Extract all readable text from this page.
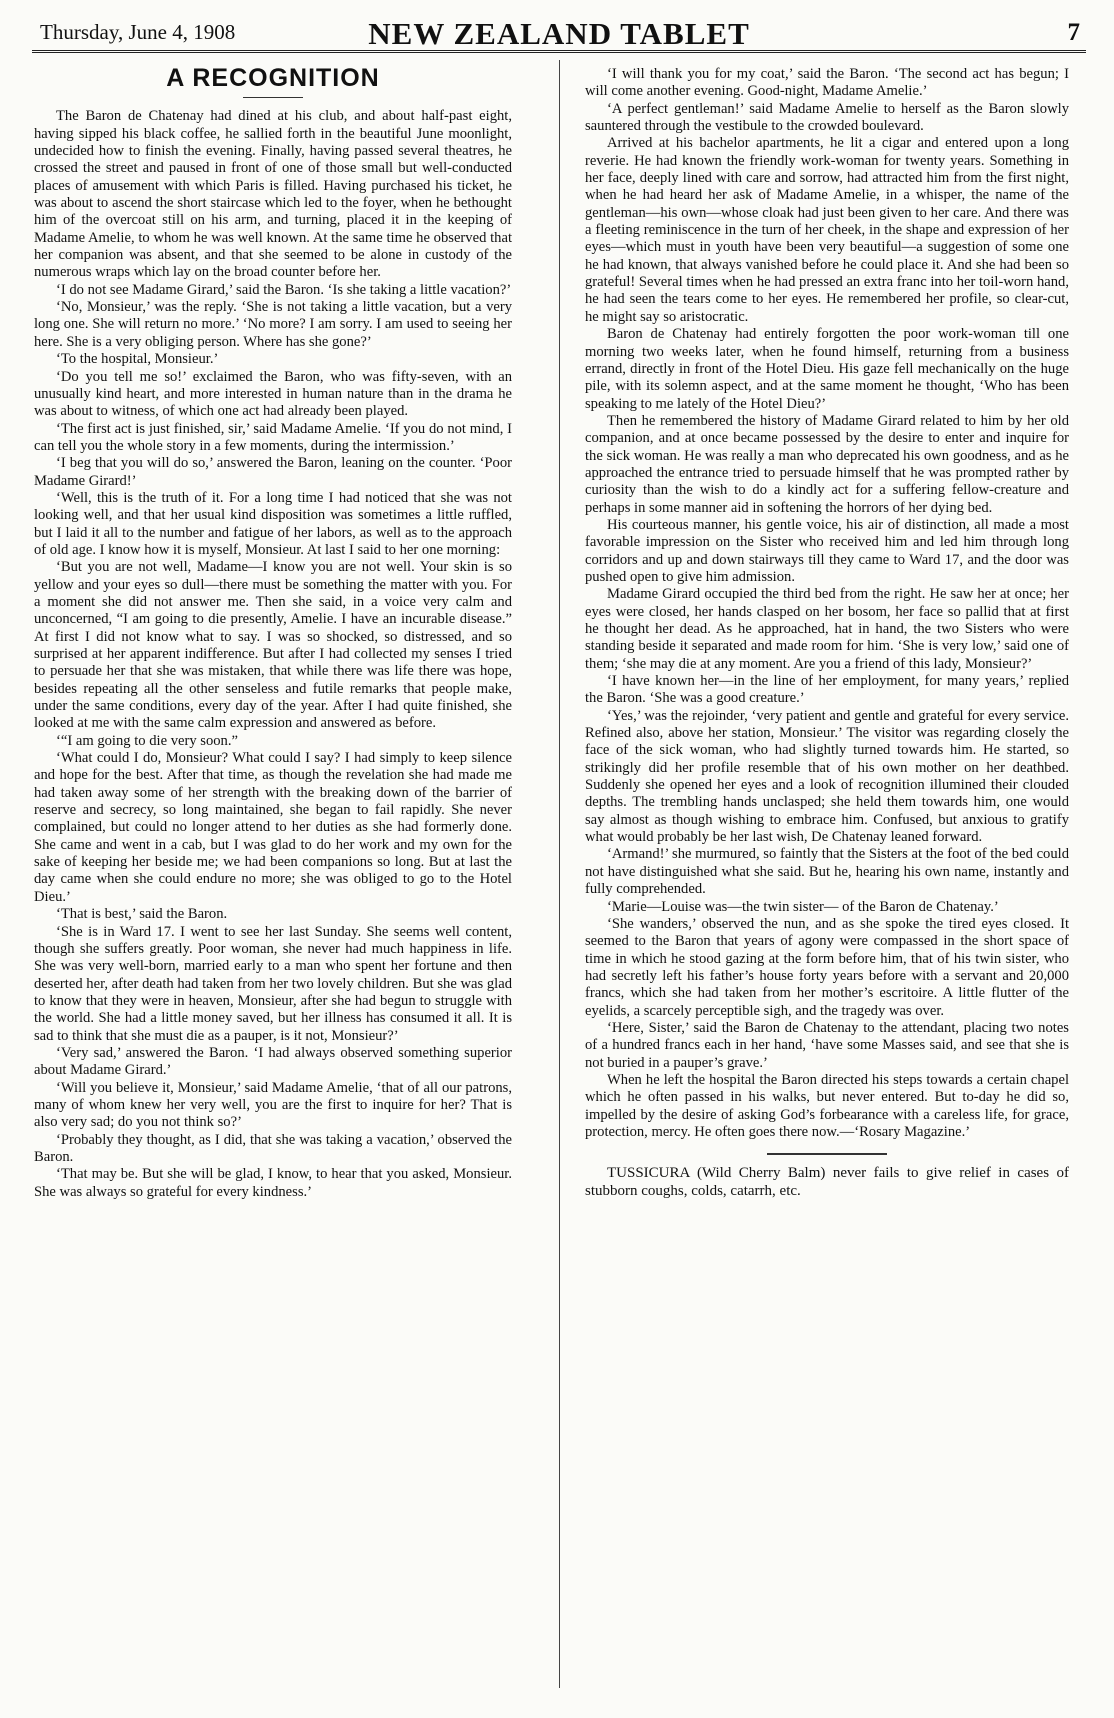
Thursday, June 4, 1908	NEW ZEALAND TABLET	7
A RECOGNITION

The Baron de Chatenay had dined at his club, and about half-past eight, having sipped his black coffee, he sallied forth in the beautiful June moonlight, undecided how to finish the evening. Finally, having passed several theatres, he crossed the street and paused in front of one of those small but well-conducted places of amusement with which Paris is filled. Having purchased his ticket, he was about to ascend the short staircase which led to the foyer, when he bethought him of the overcoat still on his arm, and turning, placed it in the keeping of Madame Amelie, to whom he was well known. At the same time he observed that her companion was absent, and that she seemed to be alone in custody of the numerous wraps which lay on the broad counter before her.

‘I do not see Madame Girard,’ said the Baron. ‘Is she taking a little vacation?’

‘No, Monsieur,’ was the reply. ‘She is not taking a little vacation, but a very long one. She will return no more.’ ‘No more? I am sorry. I am used to seeing her here. She is a very obliging person. Where has she gone?’

‘To the hospital, Monsieur.’

‘Do you tell me so!’ exclaimed the Baron, who was fifty-seven, with an unusually kind heart, and more interested in human nature than in the drama he was about to witness, of which one act had already been played.

‘The first act is just finished, sir,’ said Madame Amelie. ‘If you do not mind, I can tell you the whole story in a few moments, during the intermission.’

‘I beg that you will do so,’ answered the Baron, leaning on the counter. ‘Poor Madame Girard!’

‘Well, this is the truth of it. For a long time I had noticed that she was not looking well, and that her usual kind disposition was sometimes a little ruffled, but I laid it all to the number and fatigue of her labors, as well as to the approach of old age. I know how it is myself, Monsieur. At last I said to her one morning:

‘But you are not well, Madame—I know you are not well. Your skin is so yellow and your eyes so dull—there must be something the matter with you. For a moment she did not answer me. Then she said, in a voice very calm and unconcerned, “I am going to die presently, Amelie. I have an incurable disease.” At first I did not know what to say. I was so shocked, so distressed, and so surprised at her apparent indifference. But after I had collected my senses I tried to persuade her that she was mistaken, that while there was life there was hope, besides repeating all the other senseless and futile remarks that people make, under the same conditions, every day of the year. After I had quite finished, she looked at me with the same calm expression and answered as before.

‘“I am going to die very soon.”

‘What could I do, Monsieur? What could I say? I had simply to keep silence and hope for the best. After that time, as though the revelation she had made me had taken away some of her strength with the breaking down of the barrier of reserve and secrecy, so long maintained, she began to fail rapidly. She never complained, but could no longer attend to her duties as she had formerly done. She came and went in a cab, but I was glad to do her work and my own for the sake of keeping her beside me; we had been companions so long. But at last the day came when she could endure no more; she was obliged to go to the Hotel Dieu.’

‘That is best,’ said the Baron.

‘She is in Ward 17. I went to see her last Sunday. She seems well content, though she suffers greatly. Poor woman, she never had much happiness in life. She was very well-born, married early to a man who spent her fortune and then deserted her, after death had taken from her two lovely children. But she was glad to know that they were in heaven, Monsieur, after she had begun to struggle with the world. She had a little money saved, but her illness has consumed it all. It is sad to think that she must die as a pauper, is it not, Monsieur?’

‘Very sad,’ answered the Baron. ‘I had always observed something superior about Madame Girard.’

‘Will you believe it, Monsieur,’ said Madame Amelie, ‘that of all our patrons, many of whom knew her very well, you are the first to inquire for her? That is also very sad; do you not think so?’

‘Probably they thought, as I did, that she was taking a vacation,’ observed the Baron.

‘That may be. But she will be glad, I know, to hear that you asked, Monsieur. She was always so grateful for every kindness.’

‘I will thank you for my coat,’ said the Baron. ‘The second act has begun; I will come another evening. Good-night, Madame Amelie.’

‘A perfect gentleman!’ said Madame Amelie to herself as the Baron slowly sauntered through the vestibule to the crowded boulevard.

Arrived at his bachelor apartments, he lit a cigar and entered upon a long reverie. He had known the friendly work-woman for twenty years. Something in her face, deeply lined with care and sorrow, had attracted him from the first night, when he had heard her ask of Madame Amelie, in a whisper, the name of the gentleman—his own—whose cloak had just been given to her care. And there was a fleeting reminiscence in the turn of her cheek, in the shape and expression of her eyes—which must in youth have been very beautiful—a suggestion of some one he had known, that always vanished before he could place it. And she had been so grateful! Several times when he had pressed an extra franc into her toil-worn hand, he had seen the tears come to her eyes. He remembered her profile, so clear-cut, he might say so aristocratic.

Baron de Chatenay had entirely forgotten the poor work-woman till one morning two weeks later, when he found himself, returning from a business errand, directly in front of the Hotel Dieu. His gaze fell mechanically on the huge pile, with its solemn aspect, and at the same moment he thought, ‘Who has been speaking to me lately of the Hotel Dieu?’

Then he remembered the history of Madame Girard related to him by her old companion, and at once became possessed by the desire to enter and inquire for the sick woman. He was really a man who deprecated his own goodness, and as he approached the entrance tried to persuade himself that he was prompted rather by curiosity than the wish to do a kindly act for a suffering fellow-creature and perhaps in some manner aid in softening the horrors of her dying bed.

His courteous manner, his gentle voice, his air of distinction, all made a most favorable impression on the Sister who received him and led him through long corridors and up and down stairways till they came to Ward 17, and the door was pushed open to give him admission.

Madame Girard occupied the third bed from the right. He saw her at once; her eyes were closed, her hands clasped on her bosom, her face so pallid that at first he thought her dead. As he approached, hat in hand, the two Sisters who were standing beside it separated and made room for him. ‘She is very low,’ said one of them; ‘she may die at any moment. Are you a friend of this lady, Monsieur?’

‘I have known her—in the line of her employment, for many years,’ replied the Baron. ‘She was a good creature.’

‘Yes,’ was the rejoinder, ‘very patient and gentle and grateful for every service. Refined also, above her station, Monsieur.’ The visitor was regarding closely the face of the sick woman, who had slightly turned towards him. He started, so strikingly did her profile resemble that of his own mother on her deathbed. Suddenly she opened her eyes and a look of recognition illumined their clouded depths. The trembling hands unclasped; she held them towards him, one would say almost as though wishing to embrace him. Confused, but anxious to gratify what would probably be her last wish, De Chatenay leaned forward.

‘Armand!’ she murmured, so faintly that the Sisters at the foot of the bed could not have distinguished what she said. But he, hearing his own name, instantly and fully comprehended.

‘Marie—Louise was—the twin sister— of the Baron de Chatenay.’

‘She wanders,’ observed the nun, and as she spoke the tired eyes closed. It seemed to the Baron that years of agony were compassed in the short space of time in which he stood gazing at the form before him, that of his twin sister, who had secretly left his father’s house forty years before with a servant and 20,000 francs, which she had taken from her mother’s escritoire. A little flutter of the eyelids, a scarcely perceptible sigh, and the tragedy was over.

‘Here, Sister,’ said the Baron de Chatenay to the attendant, placing two notes of a hundred francs each in her hand, ‘have some Masses said, and see that she is not buried in a pauper’s grave.’

When he left the hospital the Baron directed his steps towards a certain chapel which he often passed in his walks, but never entered. But to-day he did so, impelled by the desire of asking God’s forbearance with a careless life, for grace, protection, mercy. He often goes there now.—‘Rosary Magazine.’

TUSSICURA (Wild Cherry Balm) never fails to give relief in cases of stubborn coughs, colds, catarrh, etc.
